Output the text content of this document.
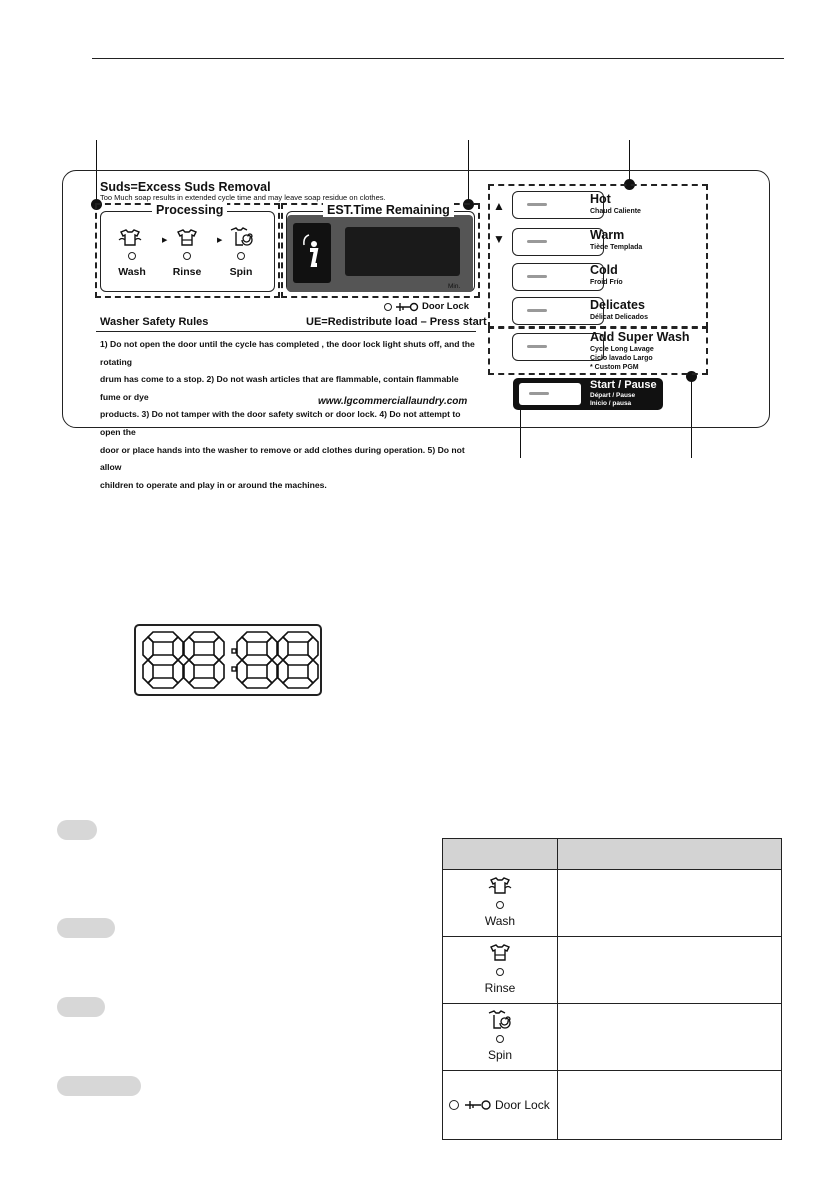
Suds=Excess Suds Removal
Too Much soap results in extended cycle time and may leave soap residue on clothes.
Processing
Wash
▶
Rinse
▶
Spin
EST.Time Remaining
Min.
Door Lock
Washer Safety Rules	UE=Redistribute load – Press start
1) Do not open the door until the cycle has completed , the door lock light shuts off, and the rotating
drum has come to a stop. 2) Do not wash articles that are flammable, contain flammable fume or dye
products. 3) Do not tamper with the door safety switch or door lock. 4) Do not attempt to open the
door or place hands into the washer to remove or add clothes during operation. 5) Do not allow
children to operate and play in or around the machines.
www.lgcommerciallaundry.com
▲
▼
Hot
Chaud Caliente
Warm
Tiède Templada
Cold
Froid Frío
Delicates
Délicat Delicados
Add Super Wash
Cycle Long Lavage
Ciclo lavado Largo
* Custom PGM
Start / Pause
Départ / Pause
Inicio / pausa

Wash	

Rinse	

Spin	

Door Lock	
